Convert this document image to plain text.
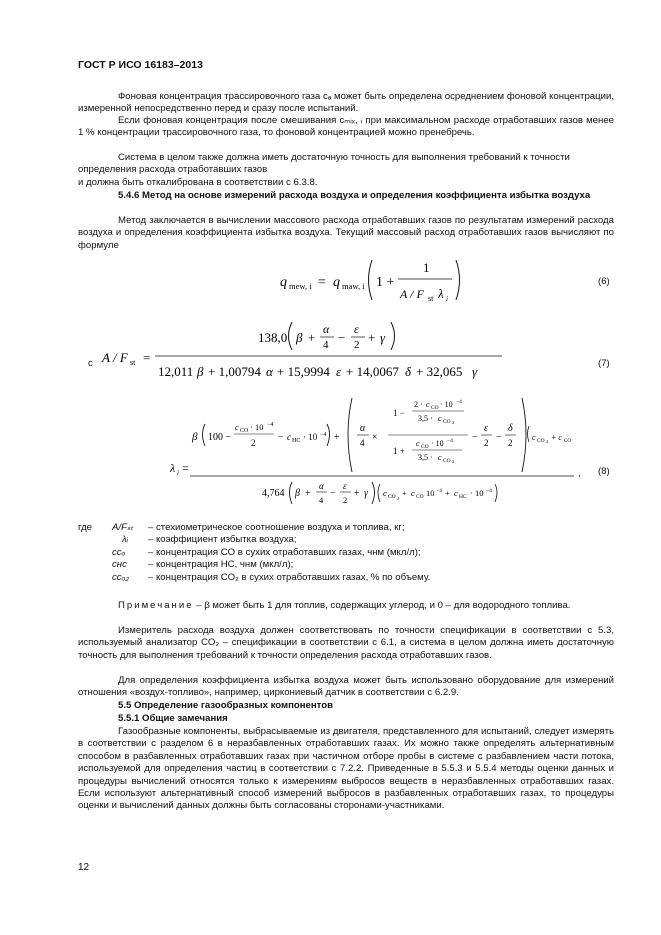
ГОСТ Р ИСО 16183–2013
Фоновая концентрация трассировочного газа cₐ может быть определена осреднением фоновой концентрации, измеренной непосредственно перед и сразу после испытаний.
Если фоновая концентрация после смешивания cₘᵢₓ, ᵢ при максимальном расходе отработавших газов менее 1 % концентрации трассировочного газа, то фоновой концентрацией можно пренебречь.
Система в целом также должна иметь достаточную точность для выполнения требований к точности определения расхода отработавших газов
и должна быть откалибрована в соответствии с 6.3.8.
5.4.6 Метод на основе измерений расхода воздуха и определения коэффициента избытка воздуха
Метод заключается в вычислении массового расхода отработавших газов по результатам измерений расхода воздуха и определения коэффициента избытка воздуха. Текущий массовый расход отработавших газов вычисляют по формуле
q mew, i = q maw, i 1 +
1
A / F st λ i
(6)
с A / F st =
138,0 β +
α
4 −
ε
2 + γ
12,011 β + 1,00794 α + 15,9994 ε + 14,0067 δ + 32,065 γ
(7)
λ i =
β 100 −
c CO · 10 −4
2 − c HC · 10 −4 +
α
4 ×
1 −
2 · c CO · 10 −4
3,5 · c CO 2
1 +
c CO · 10 −4
3,5 · c CO 2
−
ε
2 −
δ
2
c CO 2 + c CO
4,764 β +
α
4
−
ε
2
+ γ c CO 2
+ c CO 10 −4 + c HC · 10 −4
, (8)
где A/Fₛₜ	– стехиометрическое соотношение воздуха и топлива, кг;
λᵢ	– коэффициент избытка воздуха;
cᴄₒ	– концентрация CO в сухих отработавших газах, чнм (мкл/л);
cʜᴄ	– концентрация HC, чнм (мкл/л);
cᴄₒ₂	– концентрация CO₂ в сухих отработавших газах, % по объему.
Примечание – β может быть 1 для топлив, содержащих углерод, и 0 – для водородного топлива.
Измеритель расхода воздуха должен соответствовать по точности спецификации в соответствии с 5.3, используемый анализатор CO₂ – спецификации в соответствии с 6.1, а система в целом должна иметь достаточную точность для выполнения требований к точности определения расхода отработавших газов.
Для определения коэффициента избытка воздуха может быть использовано оборудование для измерений отношения «воздух-топливо», например, циркониевый датчик в соответствии с 6.2.9.
5.5 Определение газообразных компонентов
5.5.1 Общие замечания
Газообразные компоненты, выбрасываемые из двигателя, представленного для испытаний, следует измерять в соответствии с разделом 6 в неразбавленных отработавших газах. Их можно также определять альтернативным способом в разбавленных отработавших газах при частичном отборе пробы в системе с разбавлением части потока, используемой для определения частиц в соответствии с 7.2.2. Приведенные в 5.5.3 и 5.5.4 методы оценки данных и процедуры вычислений относятся только к измерениям выбросов веществ в неразбавленных отработавших газах. Если используют альтернативный способ измерений выбросов в разбавленных отработавших газах, то процедуры оценки и вычислений данных должны быть согласованы сторонами-участниками.
12
